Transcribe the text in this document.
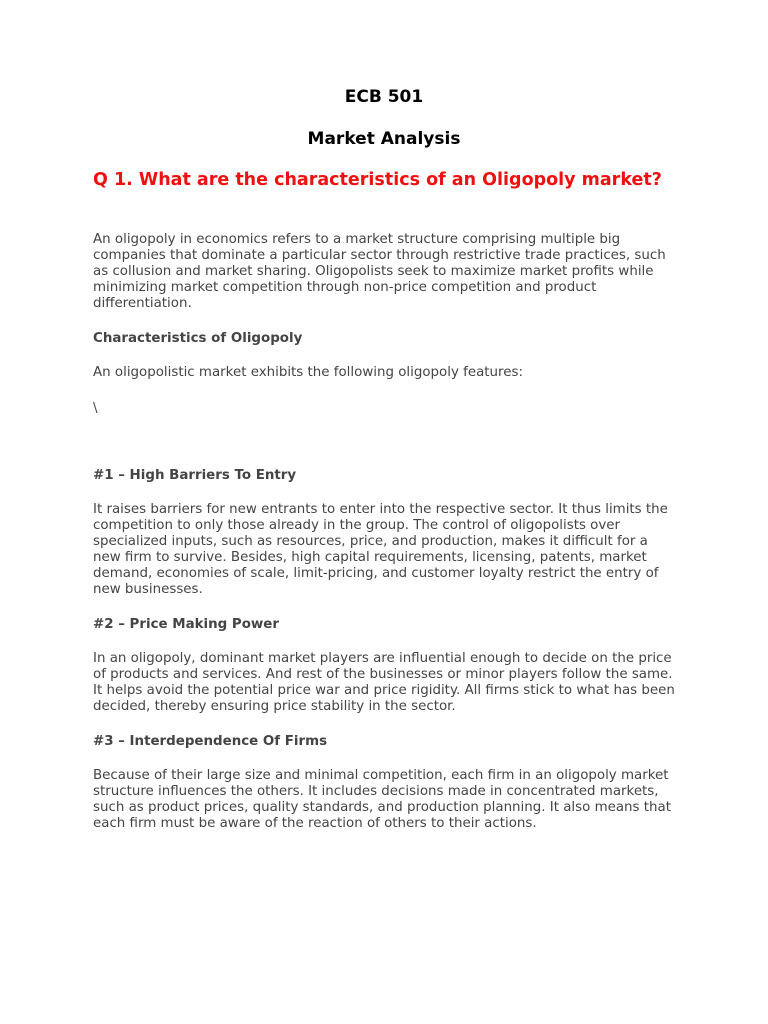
ECB 501
Market Analysis
Q 1. What are the characteristics of an Oligopoly market?

An oligopoly in economics refers to a market structure comprising multiple big companies that dominate a particular sector through restrictive trade practices, such as collusion and market sharing. Oligopolists seek to maximize market profits while minimizing market competition through non-price competition and product differentiation.

Characteristics of Oligopoly

An oligopolistic market exhibits the following oligopoly features:

\

#1 – High Barriers To Entry

It raises barriers for new entrants to enter into the respective sector. It thus limits the competition to only those already in the group. The control of oligopolists over specialized inputs, such as resources, price, and production, makes it difficult for a new firm to survive. Besides, high capital requirements, licensing, patents, market demand, economies of scale, limit-pricing, and customer loyalty restrict the entry of new businesses.

#2 – Price Making Power

In an oligopoly, dominant market players are influential enough to decide on the price of products and services. And rest of the businesses or minor players follow the same. It helps avoid the potential price war and price rigidity. All firms stick to what has been decided, thereby ensuring price stability in the sector.

#3 – Interdependence Of Firms

Because of their large size and minimal competition, each firm in an oligopoly market structure influences the others. It includes decisions made in concentrated markets, such as product prices, quality standards, and production planning. It also means that each firm must be aware of the reaction of others to their actions.
